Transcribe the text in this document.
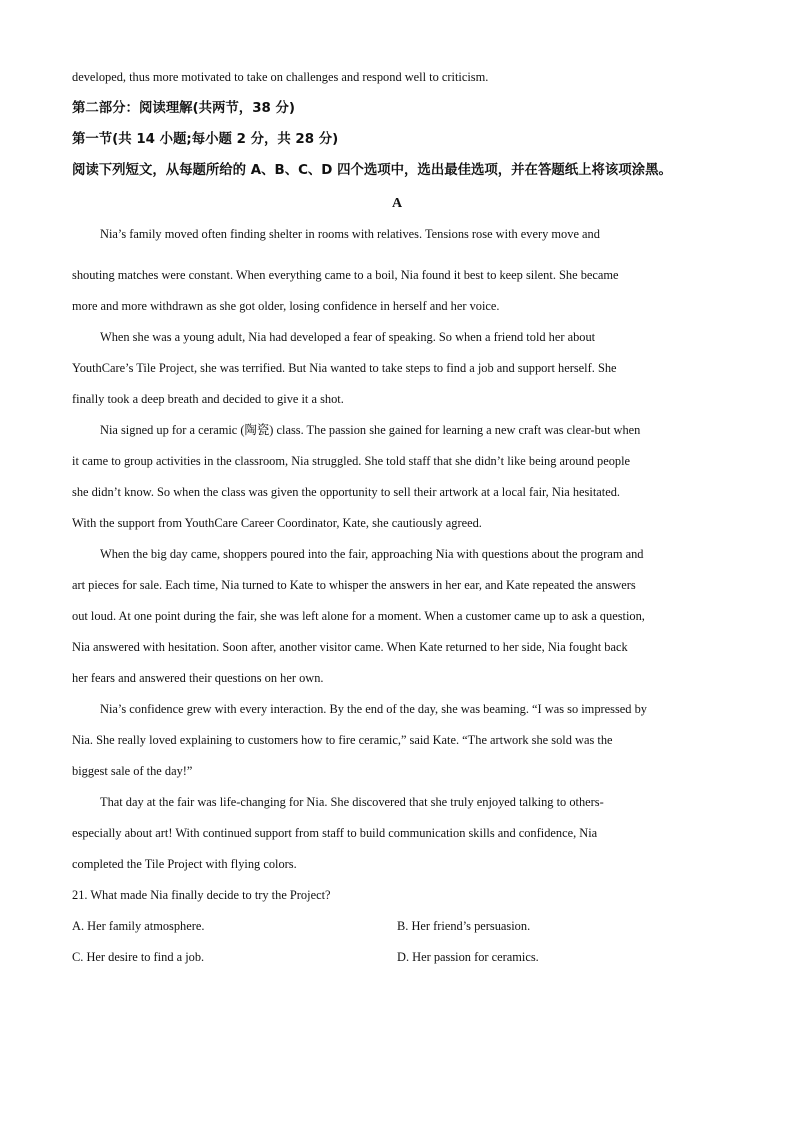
developed, thus more motivated to take on challenges and respond well to criticism.
第二部分：阅读理解(共两节，38 分)
第一节(共 14 小题;每小题 2 分，共 28 分)
阅读下列短文，从每题所给的 A、B、C、D 四个选项中，选出最佳选项，并在答题纸上将该项涂黑。
A
Nia’s family moved often finding shelter in rooms with relatives. Tensions rose with every move and
shouting matches were constant. When everything came to a boil, Nia found it best to keep silent. She became
more and more withdrawn as she got older, losing confidence in herself and her voice.
When she was a young adult, Nia had developed a fear of speaking. So when a friend told her about
YouthCare’s Tile Project, she was terrified. But Nia wanted to take steps to find a job and support herself. She
finally took a deep breath and decided to give it a shot.
Nia signed up for a ceramic (陶瓷) class. The passion she gained for learning a new craft was clear-but when
it came to group activities in the classroom, Nia struggled. She told staff that she didn’t like being around people
she didn’t know. So when the class was given the opportunity to sell their artwork at a local fair, Nia hesitated.
With the support from YouthCare Career Coordinator, Kate, she cautiously agreed.
When the big day came, shoppers poured into the fair, approaching Nia with questions about the program and
art pieces for sale. Each time, Nia turned to Kate to whisper the answers in her ear, and Kate repeated the answers
out loud. At one point during the fair, she was left alone for a moment. When a customer came up to ask a question,
Nia answered with hesitation. Soon after, another visitor came. When Kate returned to her side, Nia fought back
her fears and answered their questions on her own.
Nia’s confidence grew with every interaction. By the end of the day, she was beaming. “I was so impressed by
Nia. She really loved explaining to customers how to fire ceramic,” said Kate. “The artwork she sold was the
biggest sale of the day!”
That day at the fair was life-changing for Nia. She discovered that she truly enjoyed talking to others-
especially about art! With continued support from staff to build communication skills and confidence, Nia
completed the Tile Project with flying colors.
21. What made Nia finally decide to try the Project?
A. Her family atmosphere.	B. Her friend’s persuasion.
C. Her desire to find a job.	D. Her passion for ceramics.
